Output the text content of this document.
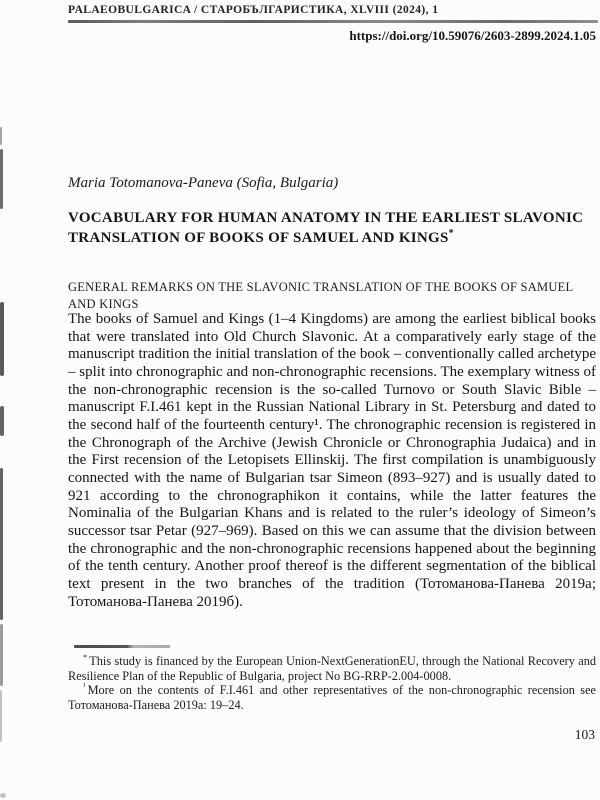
PALAEOBULGARICA / СТАРОБЪЛГАРИСТИКА, XLVIII (2024), 1
https://doi.org/10.59076/2603-2899.2024.1.05
Maria Totomanova-Paneva (Sofia, Bulgaria)
VOCABULARY FOR HUMAN ANATOMY IN THE EARLIEST SLAVONIC TRANSLATION OF BOOKS OF SAMUEL AND KINGS*
GENERAL REMARKS ON THE SLAVONIC TRANSLATION OF THE BOOKS OF SAMUEL AND KINGS

The books of Samuel and Kings (1–4 Kingdoms) are among the earliest biblical books that were translated into Old Church Slavonic. At a comparatively early stage of the manuscript tradition the initial translation of the book – conventionally called archetype – split into chronographic and non-chronographic recensions. The exemplary witness of the non-chronographic recension is the so-called Turnovo or South Slavic Bible – manuscript F.I.461 kept in the Russian National Library in St. Petersburg and dated to the second half of the fourteenth century¹. The chronographic recension is registered in the Chronograph of the Archive (Jewish Chronicle or Chronographia Judaica) and in the First recension of the Letopisets Ellinskij. The first compilation is unambiguously connected with the name of Bulgarian tsar Simeon (893–927) and is usually dated to 921 according to the chronographikon it contains, while the latter features the Nominalia of the Bulgarian Khans and is related to the ruler’s ideology of Simeon’s successor tsar Petar (927–969). Based on this we can assume that the division between the chronographic and the non-chronographic recensions happened about the beginning of the tenth century. Another proof thereof is the different segmentation of the biblical text present in the two branches of the tradition (Тотоманова-Панева 2019а; Тотоманова-Панева 2019б).

* This study is financed by the European Union-NextGenerationEU, through the National Recovery and Resilience Plan of the Republic of Bulgaria, project No BG-RRP-2.004-0008.

$^{^1}$ More on the contents of F.I.461 and other representatives of the non-chronographic recension see Тотоманова-Панева 2019а: 19–24.

103
